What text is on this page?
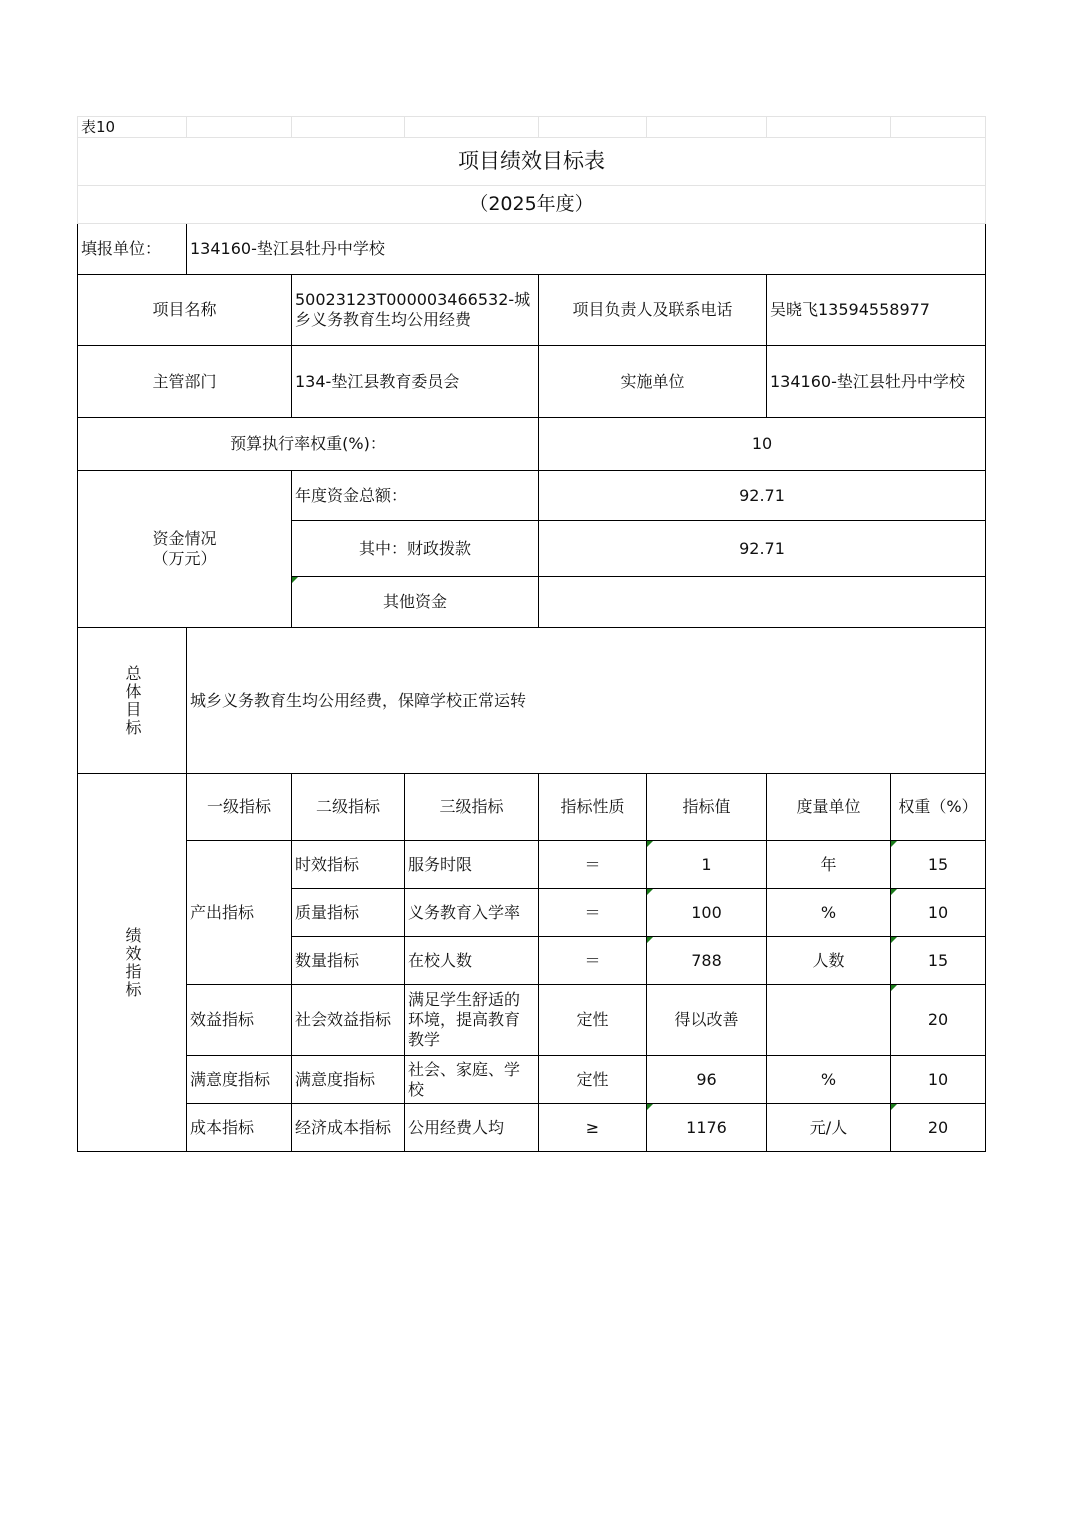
表10							
项目绩效目标表							
（2025年度）							
填报单位：	134160-垫江县牡丹中学校						
项目名称		50023123T000003466532-城乡义务教育生均公用经费		项目负责人及联系电话		吴晓飞13594558977	
主管部门		134-垫江县教育委员会		实施单位		134160-垫江县牡丹中学校	
预算执行率权重(%)：				10			

资金情况
（万元）		年度资金总额：		92.71			
		其中：财政拨款		92.71			
		其他资金					

总体目标	城乡义务教育生均公用经费，保障学校正常运转						

绩效指标	一级指标	二级指标	三级指标	指标性质	指标值	度量单位	权重（%）
	产出指标	时效指标	服务时限	＝	1	年	15
		质量指标	义务教育入学率	＝	100	%	10
		数量指标	在校人数	＝	788	人数	15
	效益指标	社会效益指标	满足学生舒适的环境，提高教育教学	定性	得以改善		20
	满意度指标	满意度指标	社会、家庭、学校	定性	96	%	10
	成本指标	经济成本指标	公用经费人均	≥	1176	元/人	20
